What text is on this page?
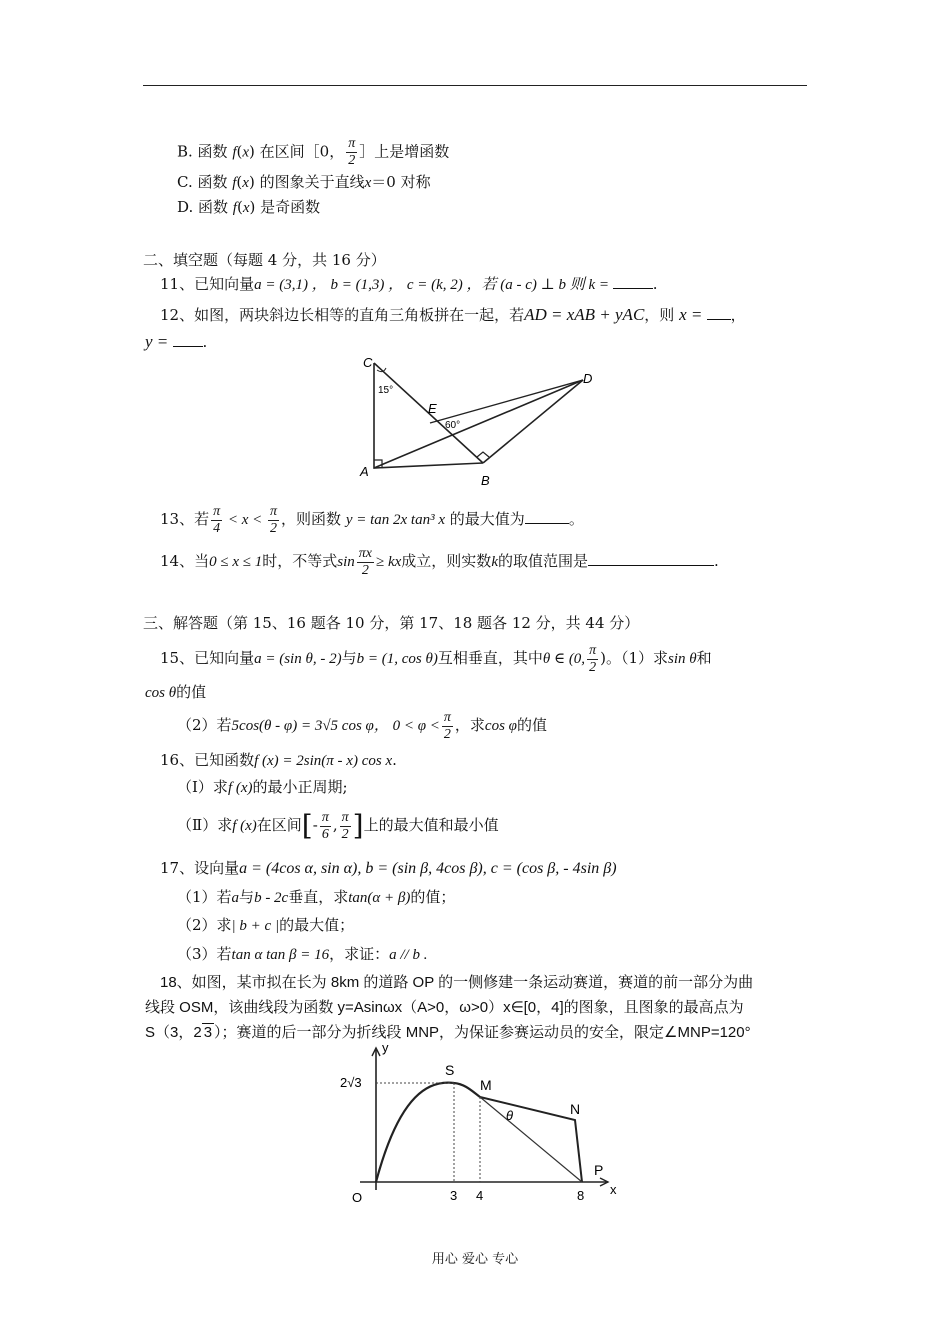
B. 函数 f(x) 在区间［0， $\frac{\pi}{2}$ ］上是增函数
C. 函数 f(x) 的图象关于直线x＝0 对称
D. 函数 f(x) 是奇函数
二、填空题（每题 4 分，共 16 分）
11、已知向量a = (3,1) ， b = (1,3) ， c = (k, 2) ，若 (a - c) ⊥ b 则 k =	.
12、如图，两块斜边长相等的直角三角板拼在一起，若AD = xAB + yAC，则 x = ，
y = .
C
D
E
A
B
15°
60°
13、若 $\frac{\pi}{4} < x < \frac{\pi}{2}$ ，则函数 y = tan 2x tan³ x 的最大值为	。
14、当0 ≤ x ≤ 1时，不等式$\sin \frac{\pi x}{2}$ ≥ kx成立，则实数k的取值范围是	.
三、解答题（第 15、16 题各 10 分，第 17、18 题各 12 分，共 44 分）
15、已知向量a = (sin θ, - 2)与b = (1, cos θ)互相垂直，其中θ ∈ (0, $\frac{\pi}{2}$ )。（1）求sin θ和
cos θ的值
（2）若5cos(θ - φ) = 3√5 cos φ， $0 < \varphi < \frac{\pi}{2}$ ，求cos φ的值
16、已知函数f (x) = 2sin(π - x) cos x.
（Ⅰ）求f (x)的最小正周期;
（Ⅱ）求f (x)在区间[- $\frac{\pi}{6}$ , $\frac{\pi}{2}$ ]上的最大值和最小值
17、设向量a = (4cos α, sin α), b = (sin β, 4cos β), c = (cos β, - 4sin β)
（1）若a与b - 2c垂直，求tan(α + β)的值；
（2）求| b + c |的最大值；
（3）若tan α tan β = 16，求证：a // b .
18、如图，某市拟在长为 8km 的道路 OP 的一侧修建一条运动赛道，赛道的前一部分为曲
线段 OSM，该曲线段为函数 y=Asinωx（A>0，ω>0）x∈[0，4]的图象，且图象的最高点为
S（3，2 3 ）；赛道的后一部分为折线段 MNP，为保证参赛运动员的安全，限定∠MNP=120°
y
x
O
S
M
N
P
θ
2√3
3 4	8
用心 爱心 专心
